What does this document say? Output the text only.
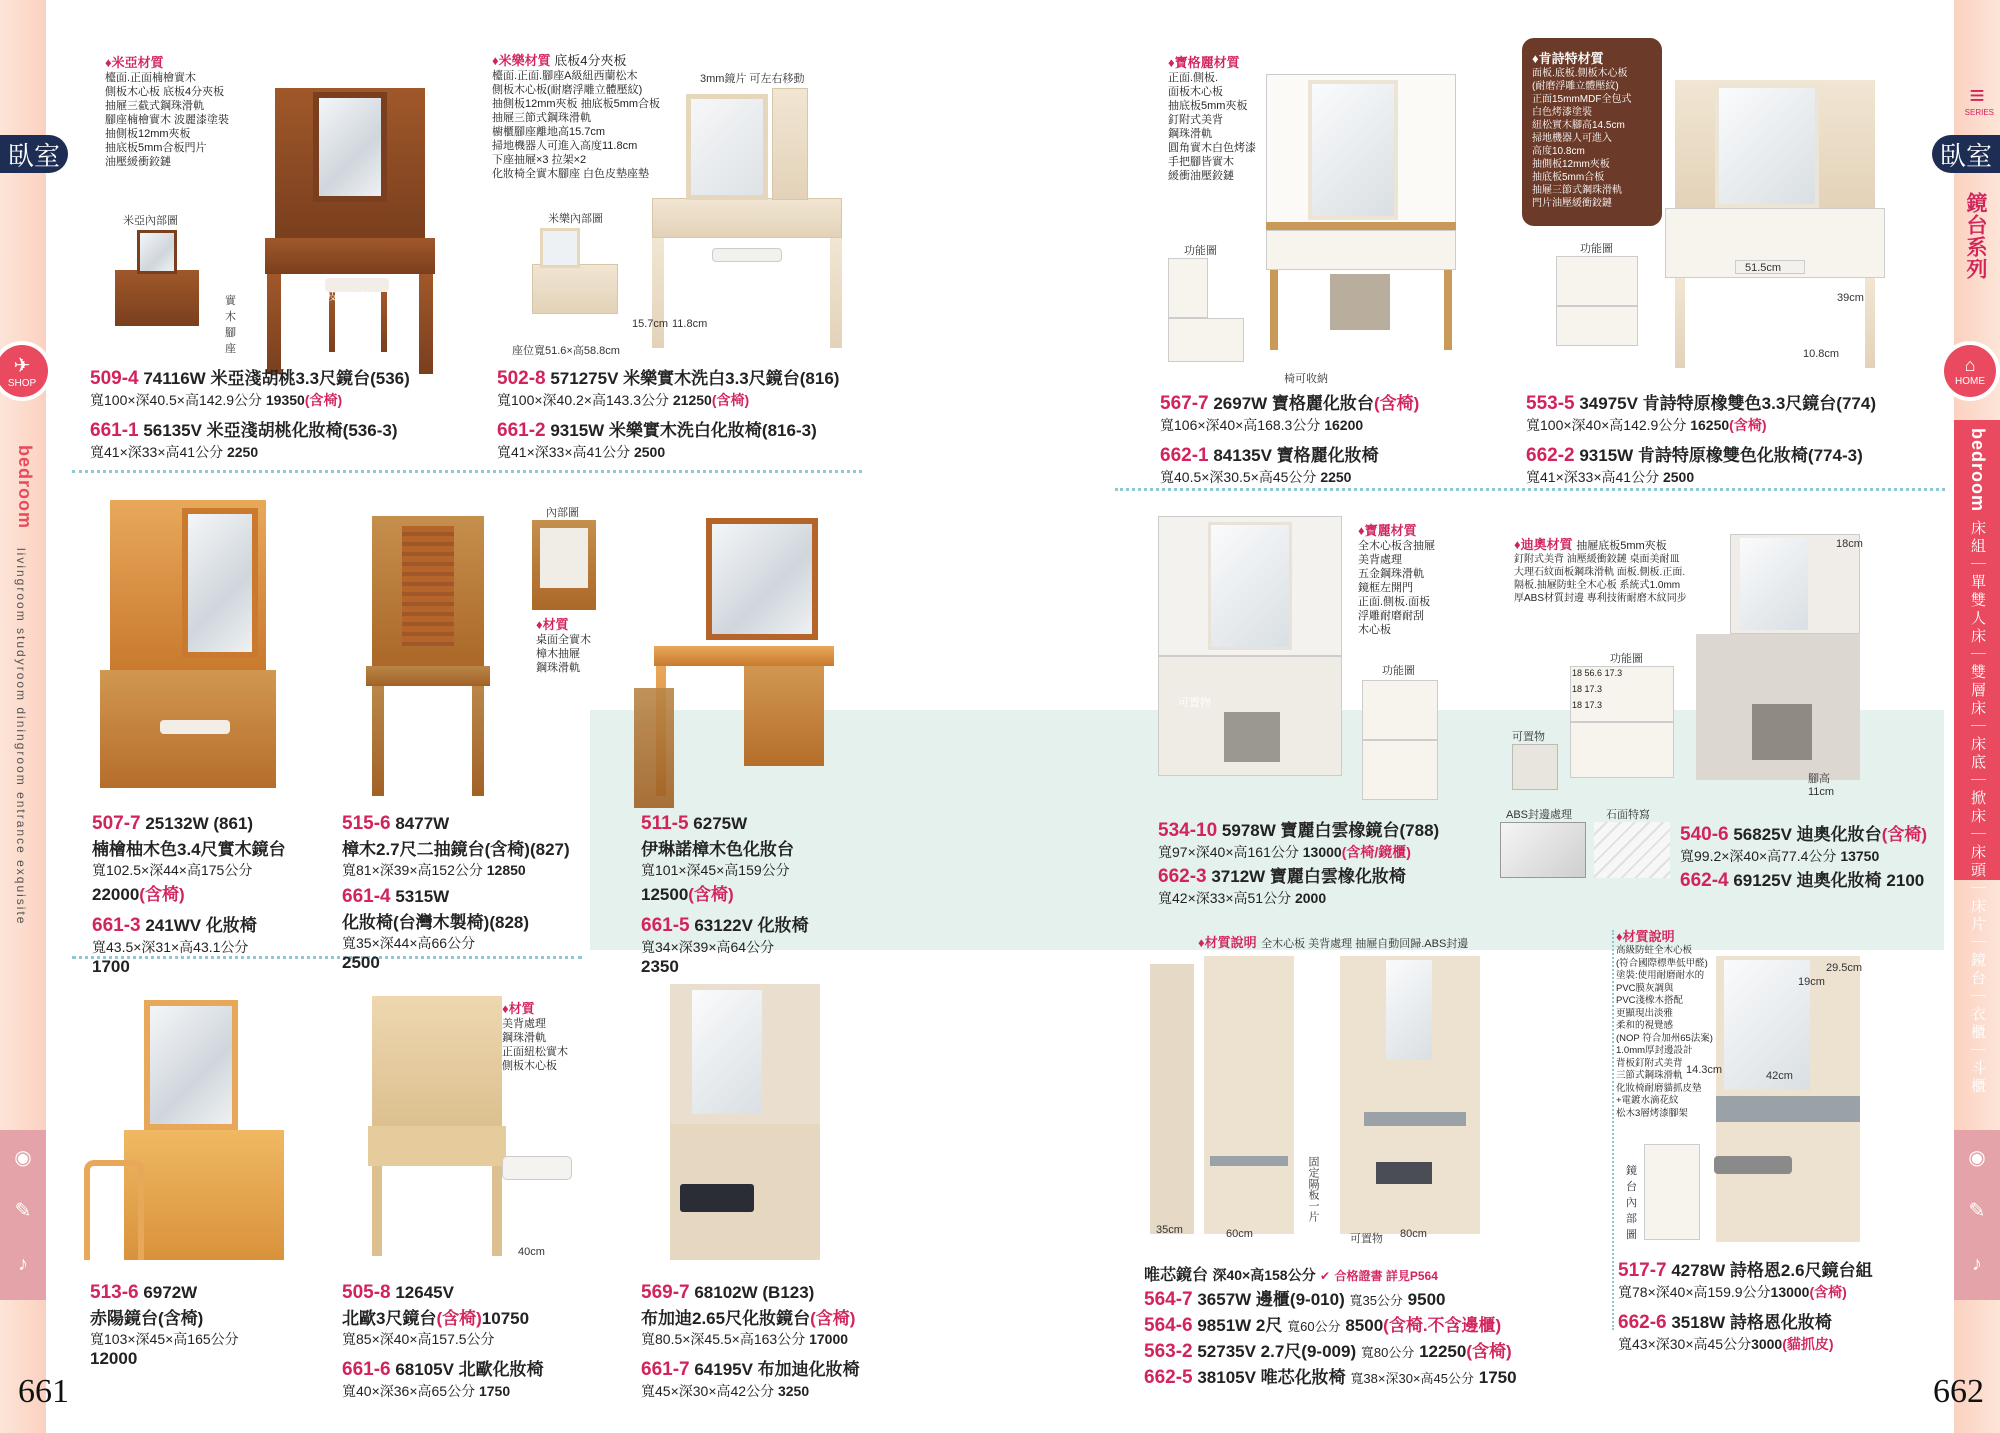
臥室
✈
SHOP
bedroom
livingroom studyroom diningroom entrance exquisite
◉
✎
♪
≡
SERIES
臥室
鏡台系列
⌂
HOME
bedroom
床組｜單雙人床｜雙層床｜床底｜掀床｜床頭｜床片｜鏡台｜衣櫃｜斗櫃
◉
✎
♪
661	662
♦米亞材質
檯面.正面楠檜實木
側板木心板 底板4分夾板
抽屜三截式鋼珠滑軌
腳座楠檜實木 波麗漆塗裝
抽側板12mm夾板
抽底板5mm合板門片
油壓緩衝鉸鏈
白色皮面坐墊
米亞內部圖
實木腳座
509-4 74116W 米亞淺胡桃3.3尺鏡台(536)
寬100×深40.5×高142.9公分 19350(含椅)
661-1 56135V 米亞淺胡桃化妝椅(536-3)
寬41×深33×高41公分 2250
♦米樂材質 底板4分夾板
檯面.正面.腳座A級紐西蘭松木
側板木心板(耐磨浮雕立體壓紋)
抽側板12mm夾板 抽底板5mm合板
抽屜三節式鋼珠滑軌
櫥櫃腳座離地高15.7cm
掃地機器人可進入高度11.8cm
下座抽屜×3 拉架×2
化妝椅全實木腳座 白色皮墊座墊
3mm鏡片 可左右移動
米樂內部圖
15.7cm 11.8cm
座位寬51.6×高58.8cm
502-8 571275V 米樂實木洗白3.3尺鏡台(816)
寬100×深40.2×高143.3公分 21250(含椅)
661-2 9315W 米樂實木洗白化妝椅(816-3)
寬41×深33×高41公分 2500
♦寶格麗材質
正面.側板.
面板木心板
抽底板5mm夾板
釘附式美背
鋼珠滑軌
圓角實木白色烤漆
手把腳皆實木
緩衝油壓鉸鏈
功能圖
椅可收納
567-7 2697W 寶格麗化妝台(含椅)
寬106×深40×高168.3公分 16200
662-1 84135V 寶格麗化妝椅
寬40.5×深30.5×高45公分 2250
♦肯詩特材質
面板.底板.側板木心板
(耐磨浮雕立體壓紋)
正面15mmMDF全包式
白色烤漆塗裝
紐松實木腳高14.5cm
掃地機器人可進入
高度10.8cm
抽側板12mm夾板
抽底板5mm合板
抽屜三節式鋼珠滑軌
門片油壓緩衝鉸鏈
功能圖
51.5cm
39cm
10.8cm
553-5 34975V 肯詩特原橡雙色3.3尺鏡台(774)
寬100×深40×高142.9公分 16250(含椅)
662-2 9315W 肯詩特原橡雙色化妝椅(774-3)
寬41×深33×高41公分 2500
507-7 25132W (861)
楠檜柚木色3.4尺實木鏡台
寬102.5×深44×高175公分
22000(含椅)
661-3 241WV 化妝椅
寬43.5×深31×高43.1公分
1700
內部圖
♦材質
桌面全實木
樟木抽屜
鋼珠滑軌
515-6 8477W
樟木2.7尺二抽鏡台(含椅)(827)
寬81×深39×高152公分 12850
661-4 5315W
化妝椅(台灣木製椅)(828)
寬35×深44×高66公分
2500
511-5 6275W
伊琳諾樟木色化妝台
寬101×深45×高159公分
12500(含椅)
661-5 63122V 化妝椅
寬34×深39×高64公分
2350
可置物
♦寶麗材質
全木心板含抽屜
美背處理
五金鋼珠滑軌
鏡框左開門
正面.側板.面板
浮雕耐磨耐刮
木心板
功能圖
534-10 5978W 寶麗白雲橡鏡台(788)
寬97×深40×高161公分 13000(含椅/鏡櫃)
662-3 3712W 寶麗白雲橡化妝椅
寬42×深33×高51公分 2000
♦迪奧材質 抽屜底板5mm夾板
釘附式美背 油壓緩衝鉸鏈 桌面美耐皿
大理石紋面板鋼珠滑軌 面板.側板.正面.
隔板.抽屜防蛀全木心板 系統式1.0mm
厚ABS材質封邊 專利技術耐磨木紋同步
18cm
功能圖
18 56.6 17.3
18 17.3
18 17.3
可置物
腳高11cm
ABS封邊處理	石面特寫
540-6 56825V 迪奧化妝台(含椅)
寬99.2×深40×高77.4公分 13750
662-4 69125V 迪奧化妝椅 2100
513-6 6972W
赤陽鏡台(含椅)
寬103×深45×高165公分
12000
40cm
♦材質
美背處理
鋼珠滑軌
正面紐松實木
側板木心板
505-8 12645V
北歐3尺鏡台(含椅)10750
寬85×深40×高157.5公分
661-6 68105V 北歐化妝椅
寬40×深36×高65公分 1750
569-7 68102W (B123)
布加迪2.65尺化妝鏡台(含椅)
寬80.5×深45.5×高163公分 17000
661-7 64195V 布加迪化妝椅
寬45×深30×高42公分 3250
♦材質說明 全木心板 美背處理 抽屜自動回歸.ABS封邊
固定隔板一片
35cm	60cm	80cm
可置物
唯芯鏡台 深40×高158公分 ✔ 合格證書 詳見P564
564-7 3657W 邊櫃(9-010) 寬35公分 9500
564-6 9851W 2尺 寬60公分 8500(含椅.不含邊櫃)
563-2 52735V 2.7尺(9-009) 寬80公分 12250(含椅)
662-5 38105V 唯芯化妝椅 寬38×深30×高45公分 1750
♦材質說明
高級防蛀全木心板
(符合國際標準低甲醛)
塗裝:使用耐磨耐水的
PVC膜灰調與
PVC淺橡木搭配
更顯現出淡雅
柔和的視覺感
(NOP 符合加州65法案)
1.0mm厚封邊設計
背板釘附式美背
三節式鋼珠滑軌
化妝椅耐磨貓抓皮墊
+電鍍水滴花紋
松木3層烤漆腳架
鏡台內部圖
29.5cm
19cm
14.3cm	42cm
517-7 4278W 詩格恩2.6尺鏡台組
寬78×深40×高159.9公分13000(含椅)
662-6 3518W 詩格恩化妝椅
寬43×深30×高45公分3000(貓抓皮)
